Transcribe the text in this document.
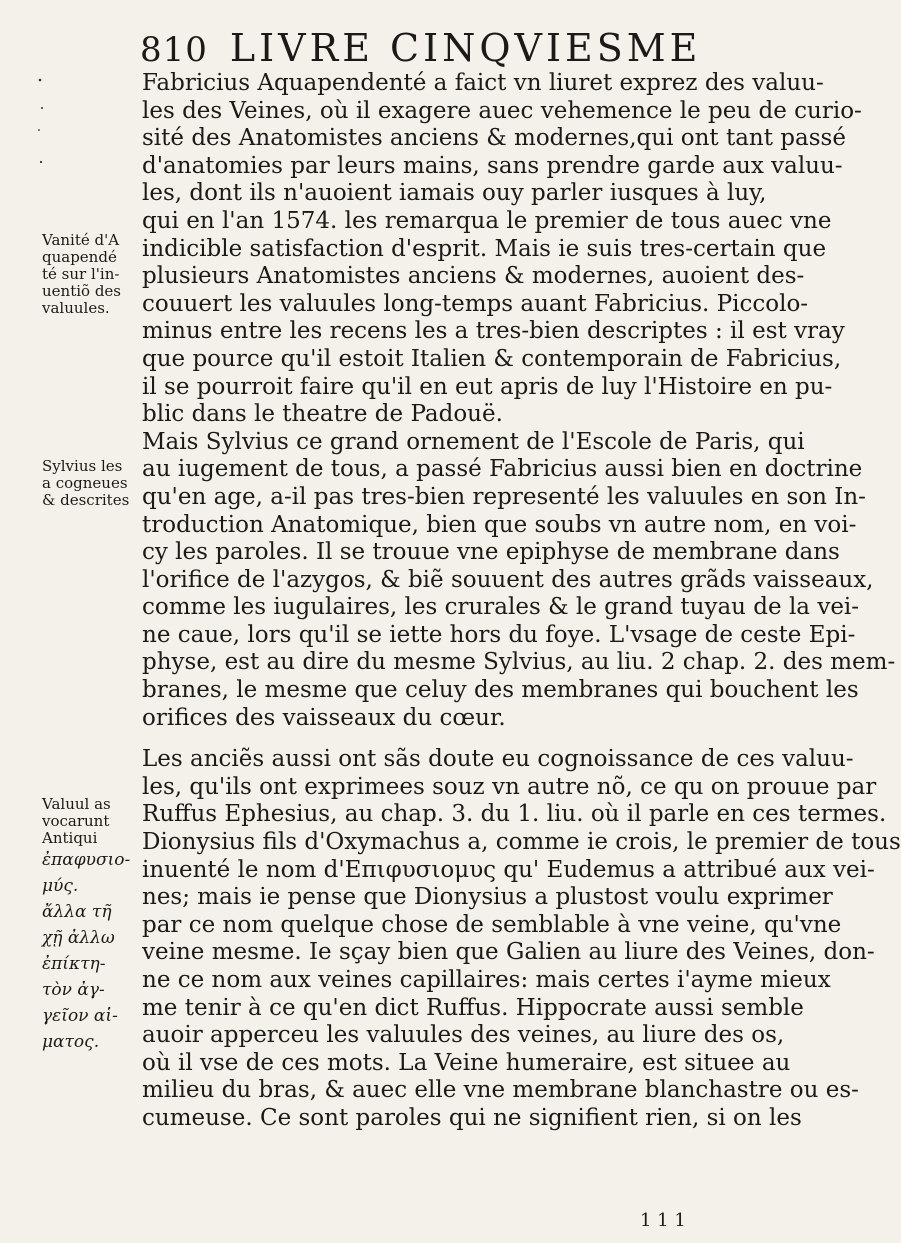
810 LIVRE CINQVIESME
Fabricius Aquapendenté a faict vn liuret exprez des valuu-
les des Veines, où il exagere auec vehemence le peu de curio-
sité des Anatomistes anciens & modernes,qui ont tant passé
d'anatomies par leurs mains, sans prendre garde aux valuu-
les, dont ils n'auoient iamais ouy parler iusques à luy,
qui en l'an 1574. les remarqua le premier de tous auec vne
indicible satisfaction d'esprit. Mais ie suis tres-certain que
plusieurs Anatomistes anciens & modernes, auoient des-
couuert les valuules long-temps auant Fabricius. Piccolo-
minus entre les recens les a tres-bien descriptes : il est vray
que pource qu'il estoit Italien & contemporain de Fabricius,
il se pourroit faire qu'il en eut apris de luy l'Histoire en pu-
blic dans le theatre de Padouë.
Mais Sylvius ce grand ornement de l'Escole de Paris, qui
au iugement de tous, a passé Fabricius aussi bien en doctrine
qu'en age, a-il pas tres-bien representé les valuules en son In-
troduction Anatomique, bien que soubs vn autre nom, en voi-
cy les paroles. Il se trouue vne epiphyse de membrane dans
l'orifice de l'azygos, & biẽ souuent des autres grãds vaisseaux,
comme les iugulaires, les crurales & le grand tuyau de la vei-
ne caue, lors qu'il se iette hors du foye. L'vsage de ceste Epi-
physe, est au dire du mesme Sylvius, au liu. 2 chap. 2. des mem-
branes, le mesme que celuy des membranes qui bouchent les
orifices des vaisseaux du cœur.
Les anciẽs aussi ont sãs doute eu cognoissance de ces valuu-
les, qu'ils ont exprimees souz vn autre nõ, ce qu on prouue par
Ruffus Ephesius, au chap. 3. du 1. liu. où il parle en ces termes.
Dionysius fils d'Oxymachus a, comme ie crois, le premier de tous
inuenté le nom d'Επιφυσιομυς qu' Eudemus a attribué aux vei-
nes; mais ie pense que Dionysius a plustost voulu exprimer
par ce nom quelque chose de semblable à vne veine, qu'vne
veine mesme. Ie sçay bien que Galien au liure des Veines, don-
ne ce nom aux veines capillaires: mais certes i'ayme mieux
me tenir à ce qu'en dict Ruffus. Hippocrate aussi semble
auoir apperceu les valuules des veines, au liure des os,
où il vse de ces mots. La Veine humeraire, est situee au
milieu du bras, & auec elle vne membrane blanchastre ou es-
cumeuse. Ce sont paroles qui ne signifient rien, si on les
Vanité d'A
quapendé
té sur l'in-
uentiõ des
valuules.
Sylvius les
a cogneues
& descrites
Valuul as
vocarunt
Antiqui
ἐπαφυσιο-
μύς.
ἄλλα τῆ
χῇ ἀλλω
ἐπίκτη-
τὸν ἀγ-
γεῖον αἱ-
ματος.
1 1 1
